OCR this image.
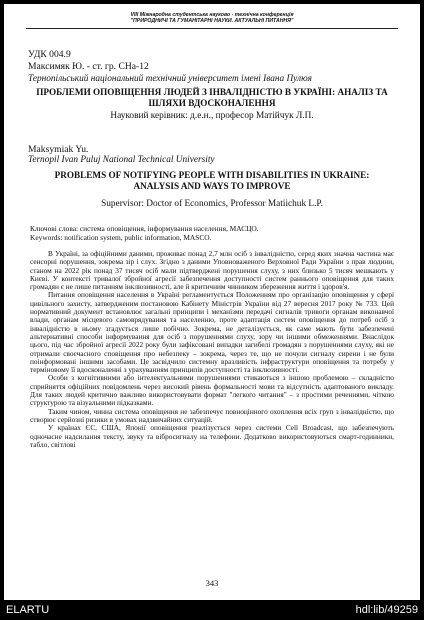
VIII Міжнародна студентська науково - технічна конференція
"ПРИРОДНИЧІ ТА ГУМАНІТАРНІ НАУКИ. АКТУАЛЬНІ ПИТАННЯ"
УДК 004.9
Максимяк Ю. - ст. гр. СНа-12
Тернопільський національний технічний університет імені Івана Пулюя
ПРОБЛЕМИ ОПОВІЩЕННЯ ЛЮДЕЙ З ІНВАЛІДНІСТЮ В УКРАЇНІ: АНАЛІЗ ТА ШЛЯХИ ВДОСКОНАЛЕННЯ
Науковий керівник: д.е.н., професор Матійчук Л.П.
Maksymiak Yu.
Ternopil Ivan Puluj National Technical University
PROBLEMS OF NOTIFYING PEOPLE WITH DISABILITIES IN UKRAINE: ANALYSIS AND WAYS TO IMPROVE
Supervisor: Doctor of Economics, Professor Matiichuk L.P.
Ключові слова: система оповіщення, інформування населення, МАСЦО.
Keywords: notification system, public information, MASCO.

В Україні, за офіційними даними, проживає понад 2,7 млн осіб з інвалідністю, серед яких значна частина має сенсорні порушення, зокрема зір і слух. Згідно з даними Уповноваженого Верховної Ради України з прав людини, станом на 2022 рік понад 37 тисяч осіб мали підтверджені порушення слуху, з них близько 5 тисяч мешкають у Києві. У контексті тривалої збройної агресії забезпечення доступності систем раннього оповіщення для таких громадян є не лише питанням інклюзивності, але й критичним чинником збереження життя і здоров'я.

Питання оповіщення населення в Україні регламентується Положенням про організацію оповіщення у сфері цивільного захисту, затвердженим постановою Кабінету Міністрів України від 27 вересня 2017 року № 733. Цей нормативний документ встановлює загальні принципи і механізми передачі сигналів тривоги органам виконавчої влади, органам місцевого самоврядування та населенню, проте адаптація систем оповіщення до потреб осіб з інвалідністю в ньому згадується лише побічно. Зокрема, не деталізується, як саме мають бути забезпечені альтернативні способи інформування для осіб з порушеннями слуху, зору чи іншими обмеженнями. Внаслідок цього, під час збройної агресії 2022 року були зафіксовані випадки загибелі громадян з порушеннями слуху, які не отримали своєчасного сповіщення про небезпеку – зокрема, через те, що не почули сигналу сирени і не були поінформовані іншими засобами. Це засвідчило системну вразливість інфраструктури оповіщення та потребу у терміновому її вдосконаленні з урахуванням принципів доступності та інклюзивності.

Особи з когнітивними або інтелектуальними порушеннями стикаються з іншою проблемою – складністю сприйняття офіційних повідомлень через високий рівень формальності мови та відсутність адаптованого викладу. Для таких людей критично важливо використовувати формат "легкого читання" – з простими реченнями, чіткою структурою та візуальними підказками.

Таким чином, чинна система оповіщення не забезпечує повноцінного охоплення всіх груп з інвалідністю, що створює серйозні ризики в умовах надзвичайних ситуацій.

У країнах ЄС, США, Японії оповіщення реалізується через системи Cell Broadcast, що забезпечують одночасне надсилання тексту, звуку та вібросигналу на телефони. Додатково використовуються смарт-годинники, табло, світлові

343
ELARTU	hdl:lib/49259
